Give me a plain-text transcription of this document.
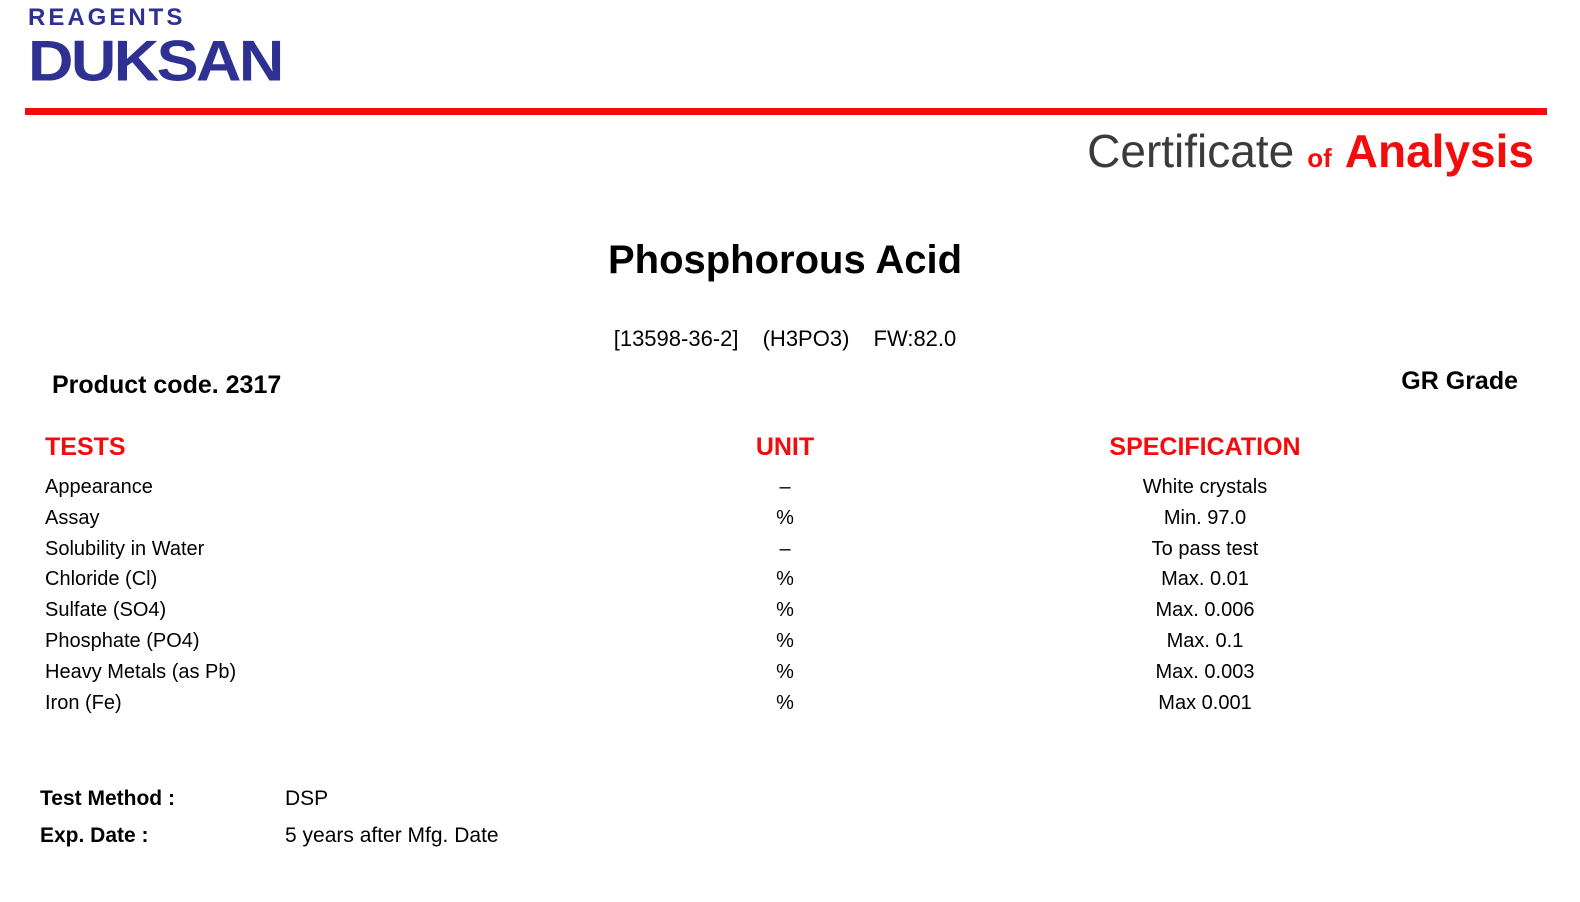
REAGENTS
DUKSAN
Certificate of Analysis
Phosphorous Acid
[13598-36-2] (H3PO3) FW:82.0
Product code. 2317	GR Grade
TESTS	UNIT	SPECIFICATION
Appearance	–	White crystals
Assay	%	Min. 97.0
Solubility in Water	–	To pass test
Chloride (Cl)	%	Max. 0.01
Sulfate (SO4)	%	Max. 0.006
Phosphate (PO4)	%	Max. 0.1
Heavy Metals (as Pb)	%	Max. 0.003
Iron (Fe)	%	Max 0.001
Test Method :	DSP
Exp. Date :	5 years after Mfg. Date
